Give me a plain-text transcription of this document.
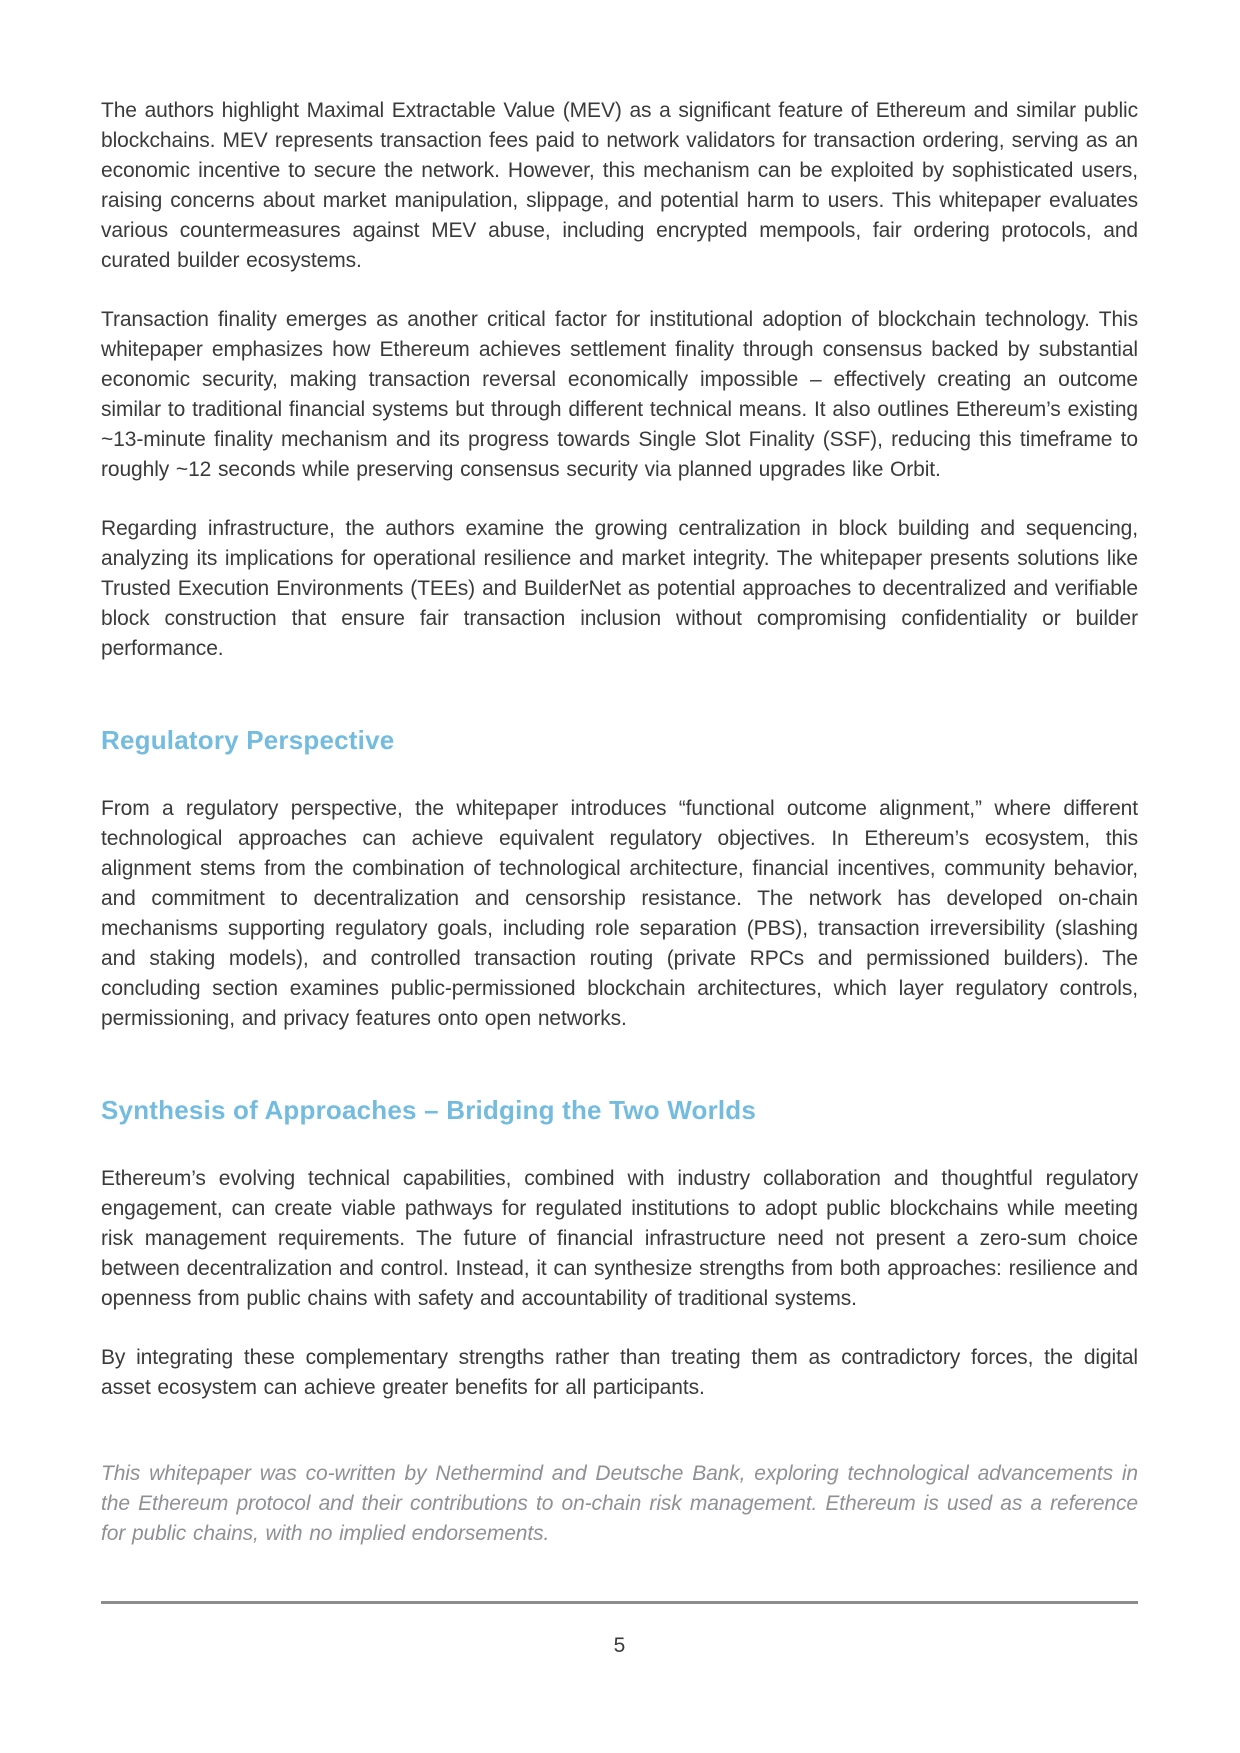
The authors highlight Maximal Extractable Value (MEV) as a significant feature of Ethereum and similar public blockchains. MEV represents transaction fees paid to network validators for transaction ordering, serving as an economic incentive to secure the network. However, this mechanism can be exploited by sophisticated users, raising concerns about market manipulation, slippage, and potential harm to users. This whitepaper evaluates various countermeasures against MEV abuse, including encrypted mempools, fair ordering protocols, and curated builder ecosystems.

Transaction finality emerges as another critical factor for institutional adoption of blockchain technology. This whitepaper emphasizes how Ethereum achieves settlement finality through consensus backed by substantial economic security, making transaction reversal economically impossible – effectively creating an outcome similar to traditional financial systems but through different technical means. It also outlines Ethereum’s existing ~13-minute finality mechanism and its progress towards Single Slot Finality (SSF), reducing this timeframe to roughly ~12 seconds while preserving consensus security via planned upgrades like Orbit.

Regarding infrastructure, the authors examine the growing centralization in block building and sequencing, analyzing its implications for operational resilience and market integrity. The whitepaper presents solutions like Trusted Execution Environments (TEEs) and BuilderNet as potential approaches to decentralized and verifiable block construction that ensure fair transaction inclusion without compromising confidentiality or builder performance.

Regulatory Perspective

From a regulatory perspective, the whitepaper introduces “functional outcome alignment,” where different technological approaches can achieve equivalent regulatory objectives. In Ethereum’s ecosystem, this alignment stems from the combination of technological architecture, financial incentives, community behavior, and commitment to decentralization and censorship resistance. The network has developed on-chain mechanisms supporting regulatory goals, including role separation (PBS), transaction irreversibility (slashing and staking models), and controlled transaction routing (private RPCs and permissioned builders). The concluding section examines public-permissioned blockchain architectures, which layer regulatory controls, permissioning, and privacy features onto open networks.

Synthesis of Approaches – Bridging the Two Worlds

Ethereum’s evolving technical capabilities, combined with industry collaboration and thoughtful regulatory engagement, can create viable pathways for regulated institutions to adopt public blockchains while meeting risk management requirements. The future of financial infrastructure need not present a zero-sum choice between decentralization and control. Instead, it can synthesize strengths from both approaches: resilience and openness from public chains with safety and accountability of traditional systems.

By integrating these complementary strengths rather than treating them as contradictory forces, the digital asset ecosystem can achieve greater benefits for all participants.

This whitepaper was co-written by Nethermind and Deutsche Bank, exploring technological advancements in the Ethereum protocol and their contributions to on-chain risk management. Ethereum is used as a reference for public chains, with no implied endorsements.

5
